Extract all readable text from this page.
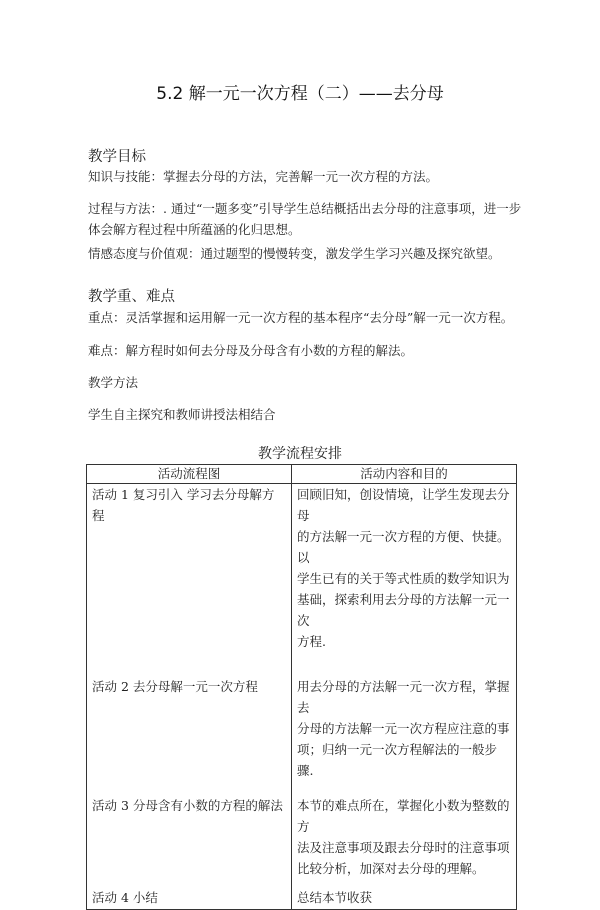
5.2 解一元一次方程（二）——去分母
教学目标
知识与技能：掌握去分母的方法，完善解一元一次方程的方法。
过程与方法：. 通过“一题多变”引导学生总结概括出去分母的注意事项，进一步
体会解方程过程中所蕴涵的化归思想。
情感态度与价值观：通过题型的慢慢转变，激发学生学习兴趣及探究欲望。
教学重、难点
重点：灵活掌握和运用解一元一次方程的基本程序“去分母”解一元一次方程。
难点：解方程时如何去分母及分母含有小数的方程的解法。
教学方法
学生自主探究和教师讲授法相结合
教学流程安排
活动流程图	活动内容和目的
活动 1 复习引入 学习去分母解方程	回顾旧知，创设情境，让学生发现去分母
的方法解一元一次方程的方便、快捷。以
学生已有的关于等式性质的数学知识为
基础，探索利用去分母的方法解一元一次
方程.

活动 2 去分母解一元一次方程	用去分母的方法解一元一次方程，掌握去
分母的方法解一元一次方程应注意的事
项；归纳一元一次方程解法的一般步骤.

活动 3 分母含有小数的方程的解法	本节的难点所在，掌握化小数为整数的方
法及注意事项及跟去分母时的注意事项
比较分析，加深对去分母的理解。

活动 4 小结	总结本节收获
